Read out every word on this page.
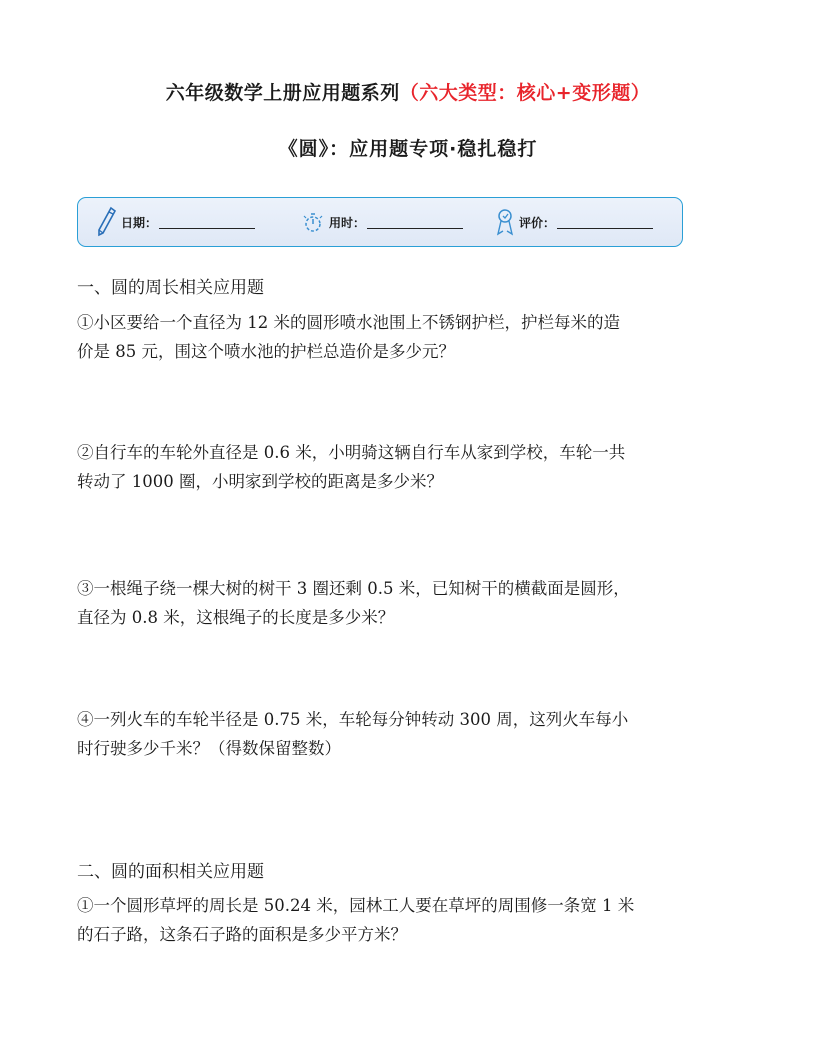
六年级数学上册应用题系列（六大类型：核心+变形题）
《圆》：应用题专项·稳扎稳打
日期：	用时：	评价：
一、圆的周长相关应用题
①小区要给一个直径为 12 米的圆形喷水池围上不锈钢护栏，护栏每米的造
价是 85 元，围这个喷水池的护栏总造价是多少元？
②自行车的车轮外直径是 0.6 米，小明骑这辆自行车从家到学校，车轮一共
转动了 1000 圈，小明家到学校的距离是多少米？
③一根绳子绕一棵大树的树干 3 圈还剩 0.5 米，已知树干的横截面是圆形，
直径为 0.8 米，这根绳子的长度是多少米？
④一列火车的车轮半径是 0.75 米，车轮每分钟转动 300 周，这列火车每小
时行驶多少千米？（得数保留整数）
二、圆的面积相关应用题
①一个圆形草坪的周长是 50.24 米，园林工人要在草坪的周围修一条宽 1 米
的石子路，这条石子路的面积是多少平方米？
